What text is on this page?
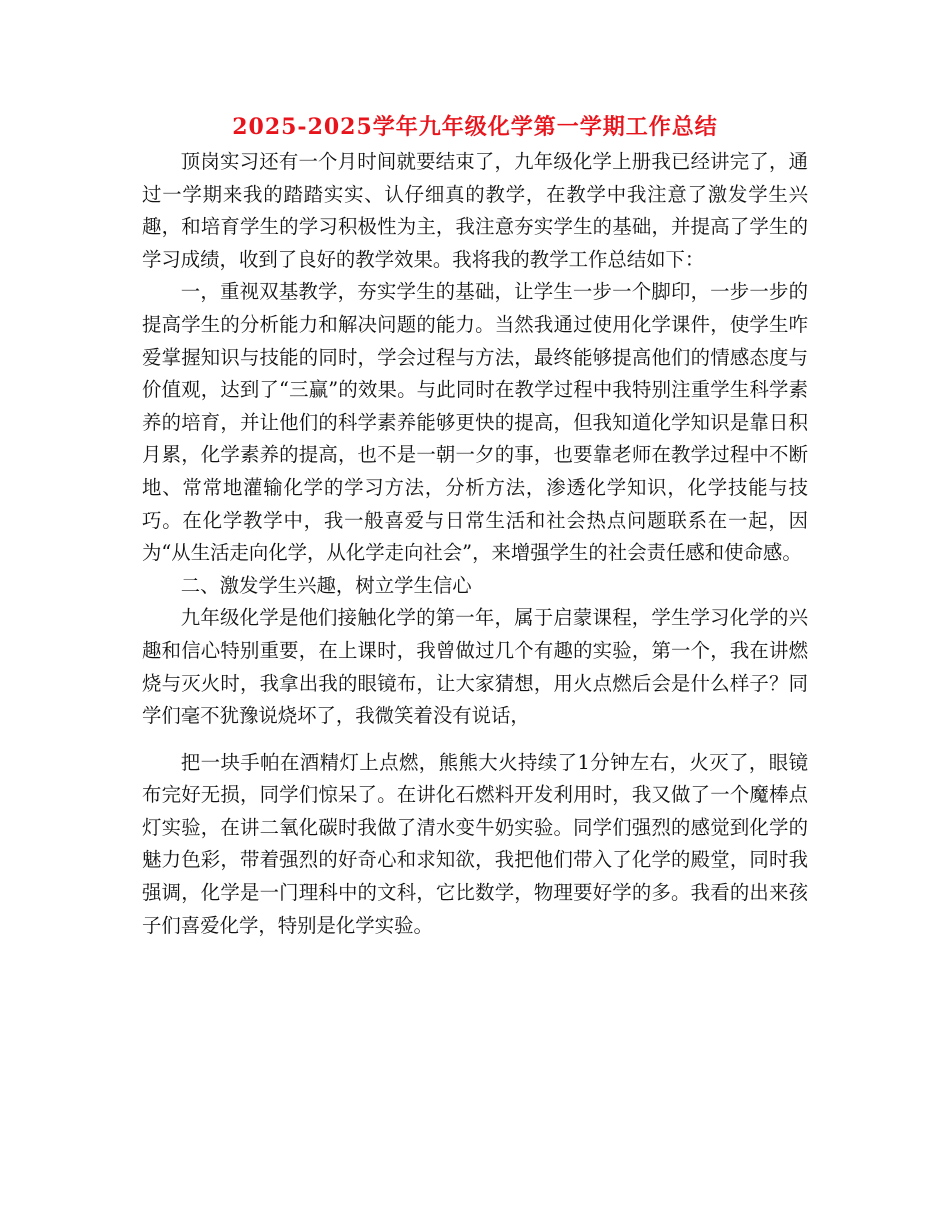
2025-2025学年九年级化学第一学期工作总结

顶岗实习还有一个月时间就要结束了，九年级化学上册我已经讲完了，通过一学期来我的踏踏实实、认仔细真的教学，在教学中我注意了激发学生兴趣，和培育学生的学习积极性为主，我注意夯实学生的基础，并提高了学生的学习成绩，收到了良好的教学效果。我将我的教学工作总结如下：

一，重视双基教学，夯实学生的基础，让学生一步一个脚印，一步一步的提高学生的分析能力和解决问题的能力。当然我通过使用化学课件，使学生咋爱掌握知识与技能的同时，学会过程与方法，最终能够提高他们的情感态度与价值观，达到了“三赢”的效果。与此同时在教学过程中我特别注重学生科学素养的培育，并让他们的科学素养能够更快的提高，但我知道化学知识是靠日积月累，化学素养的提高，也不是一朝一夕的事，也要靠老师在教学过程中不断地、常常地灌输化学的学习方法，分析方法，渗透化学知识，化学技能与技巧。在化学教学中，我一般喜爱与日常生活和社会热点问题联系在一起，因为“从生活走向化学，从化学走向社会”，来增强学生的社会责任感和使命感。

二、激发学生兴趣，树立学生信心

九年级化学是他们接触化学的第一年，属于启蒙课程，学生学习化学的兴趣和信心特别重要，在上课时，我曾做过几个有趣的实验，第一个，我在讲燃烧与灭火时，我拿出我的眼镜布，让大家猜想，用火点燃后会是什么样子？同学们毫不犹豫说烧坏了，我微笑着没有说话，

把一块手帕在酒精灯上点燃，熊熊大火持续了1分钟左右，火灭了，眼镜布完好无损，同学们惊呆了。在讲化石燃料开发利用时，我又做了一个魔棒点灯实验，在讲二氧化碳时我做了清水变牛奶实验。同学们强烈的感觉到化学的魅力色彩，带着强烈的好奇心和求知欲，我把他们带入了化学的殿堂，同时我强调，化学是一门理科中的文科，它比数学，物理要好学的多。我看的出来孩子们喜爱化学，特别是化学实验。
